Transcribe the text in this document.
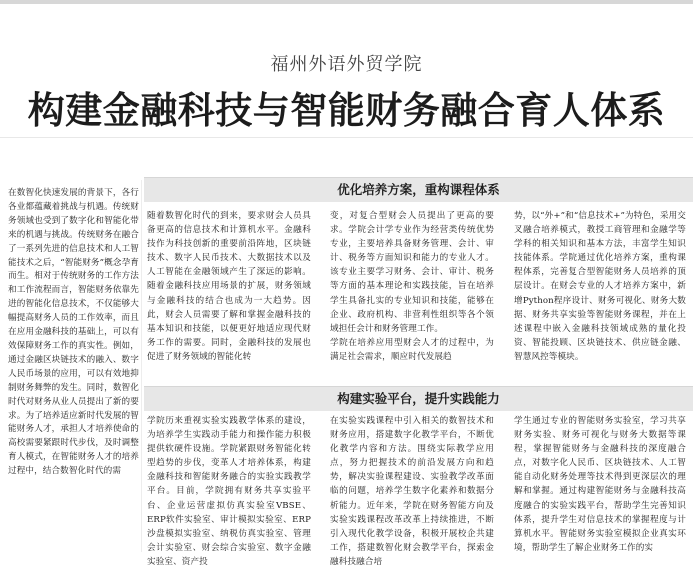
福州外语外贸学院
构建金融科技与智能财务融合育人体系
在数智化快速发展的背景下，各行各业都蕴藏着挑战与机遇。传统财务领域也受到了数字化和智能化带来的机遇与挑战。传统财务在融合了一系列先进的信息技术和人工智能技术之后，“智能财务”概念孕育而生。相对于传统财务的工作方法和工作流程而言，智能财务依靠先进的智能化信息技术，不仅能够大幅提高财务人员的工作效率，而且在应用金融科技的基础上，可以有效保障财务工作的真实性。例如，通过金融区块链技术的融入、数字人民币场景的应用，可以有效地抑制财务舞弊的发生。同时，数智化时代对财务从业人员提出了新的要求。为了培养适应新时代发展的智能财务人才，承担人才培养使命的高校需要紧跟时代步伐，及时调整育人模式，在智能财务人才的培养过程中，结合数智化时代的需
优化培养方案，重构课程体系
随着数智化时代的到来，要求财会人员具备更高的信息技术和计算机水平。金融科技作为科技创新的重要前沿阵地，区块链技术、数字人民币技术、大数据技术以及人工智能在金融领域产生了深远的影响。随着金融科技应用场景的扩展，财务领域与金融科技的结合也成为一大趋势。因此，财会人员需要了解和掌握金融科技的基本知识和技能，以便更好地适应现代财务工作的需要。同时，金融科技的发展也促进了财务领域的智能化转
变，对复合型财会人员提出了更高的要求。学院会计学专业作为经营类传统优势专业，主要培养具备财务管理、会计、审计、税务等方面知识和能力的专业人才。该专业主要学习财务、会计、审计、税务等方面的基本理论和实践技能，旨在培养学生具备扎实的专业知识和技能，能够在企业、政府机构、非营利性组织等各个领域担任会计和财务管理工作。
学院在培养应用型财会人才的过程中，为满足社会需求，顺应时代发展趋
势，以“外+”和“信息技术+”为特色，采用交叉融合培养模式，教授工商管理和金融学等学科的相关知识和基本方法，丰富学生知识技能体系。学院通过优化培养方案，重构课程体系，完善复合型智能财务人员培养的顶层设计。在财会专业的人才培养方案中，新增Python程序设计、财务可视化、财务大数据、财务共享实验等智能财务课程，并在上述课程中嵌入金融科技领域成熟的量化投资、智能投顾、区块链技术、供应链金融、智慧风控等模块。
构建实验平台，提升实践能力
学院历来重视实验实践教学体系的建设，为培养学生实践动手能力和操作能力积极提供软硬件设施。学院紧跟财务智能化转型趋势的步伐，变革人才培养体系，构建金融科技和智能财务融合的实验实践教学平台。目前，学院拥有财务共享实验平台、企业运营虚拟仿真实验室VBSE、ERP软件实验室、审计模拟实验室、ERP沙盘模拟实验室、纳税仿真实验室、管理会计实验室、财会综合实验室、数字金融实验室、资产投
在实验实践课程中引入相关的数智技术和财务应用，搭建数字化教学平台，不断优化教学内容和方法。围绕实际教学应用点，努力把握技术的前沿发展方向和趋势，解决实验课程建设、实验教学改革面临的问题，培养学生数字化素养和数据分析能力。近年来，学院在财务智能方向及实验实践课程改革改革上持续推进，不断引入现代化教学设备，积极开展校企共建工作，搭建数智化财会教学平台，探索金融科技融合培
学生通过专业的智能财务实验室，学习共享财务实验、财务可视化与财务大数据等课程，掌握智能财务与金融科技的深度融合点，对数字化人民币、区块链技术、人工智能自动化财务处理等技术得到更深层次的理解和掌握。通过构建智能财务与金融科技高度融合的实验实践平台，帮助学生完善知识体系，提升学生对信息技术的掌握程度与计算机水平。智能财务实验室模拟企业真实环境，帮助学生了解企业财务工作的实
